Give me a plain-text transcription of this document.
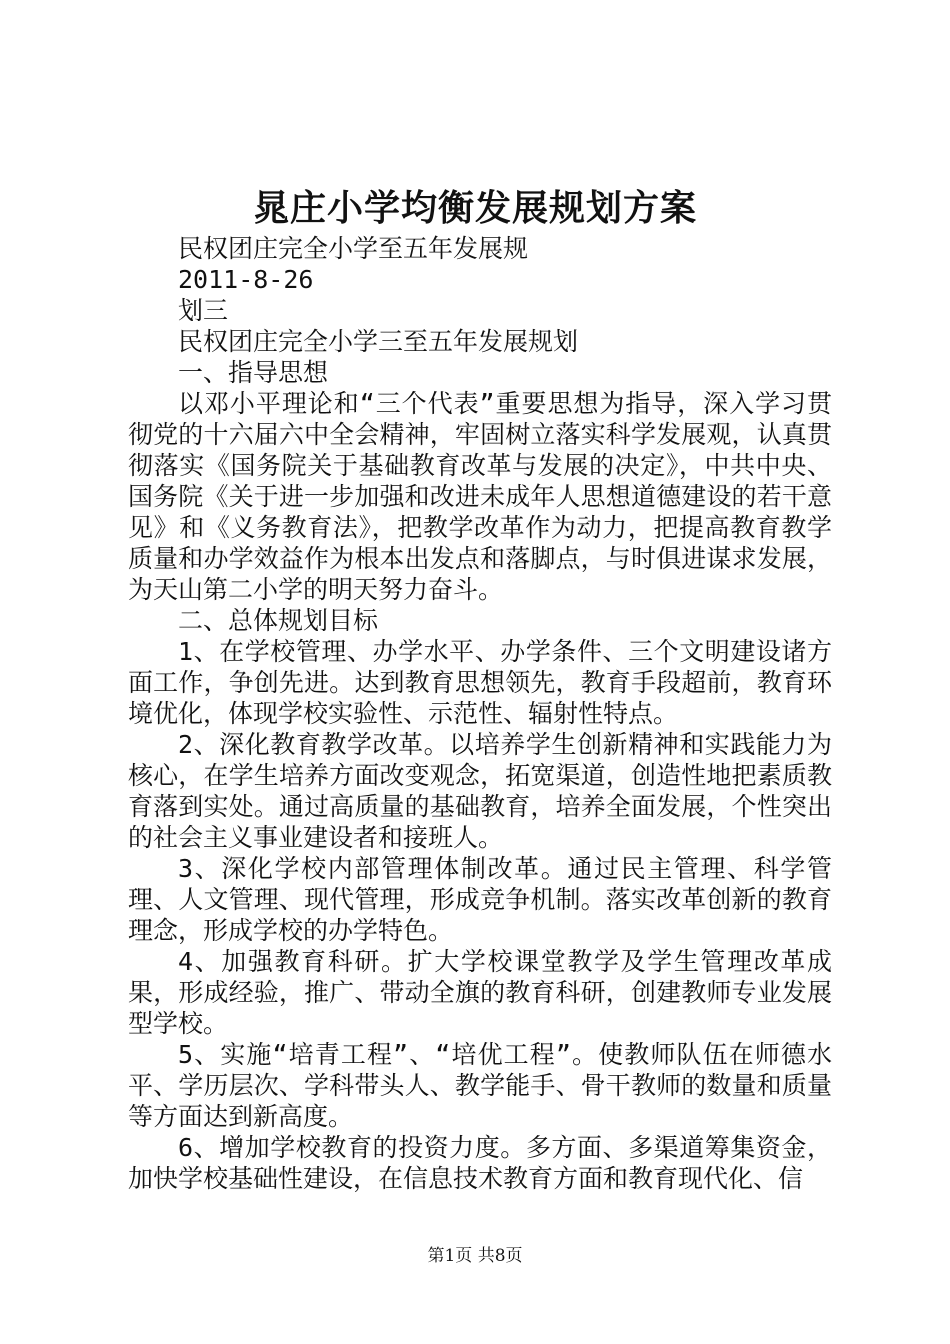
晁庄小学均衡发展规划方案

民权团庄完全小学至五年发展规

2011-8-26

划三

民权团庄完全小学三至五年发展规划

一、指导思想

以邓小平理论和“三个代表”重要思想为指导，深入学习贯彻党的十六届六中全会精神，牢固树立落实科学发展观，认真贯彻落实《国务院关于基础教育改革与发展的决定》，中共中央、国务院《关于进一步加强和改进未成年人思想道德建设的若干意见》和《义务教育法》，把教学改革作为动力，把提高教育教学质量和办学效益作为根本出发点和落脚点，与时俱进谋求发展，为天山第二小学的明天努力奋斗。

二、总体规划目标

1、在学校管理、办学水平、办学条件、三个文明建设诸方面工作，争创先进。达到教育思想领先，教育手段超前，教育环境优化，体现学校实验性、示范性、辐射性特点。

2、深化教育教学改革。以培养学生创新精神和实践能力为核心，在学生培养方面改变观念，拓宽渠道，创造性地把素质教育落到实处。通过高质量的基础教育，培养全面发展，个性突出的社会主义事业建设者和接班人。

3、深化学校内部管理体制改革。通过民主管理、科学管理、人文管理、现代管理，形成竞争机制。落实改革创新的教育理念，形成学校的办学特色。

4、加强教育科研。扩大学校课堂教学及学生管理改革成果，形成经验，推广、带动全旗的教育科研，创建教师专业发展型学校。

5、实施“培青工程”、“培优工程”。使教师队伍在师德水平、学历层次、学科带头人、教学能手、骨干教师的数量和质量等方面达到新高度。

6、增加学校教育的投资力度。多方面、多渠道筹集资金，加快学校基础性建设，在信息技术教育方面和教育现代化、信

第1页 共8页
